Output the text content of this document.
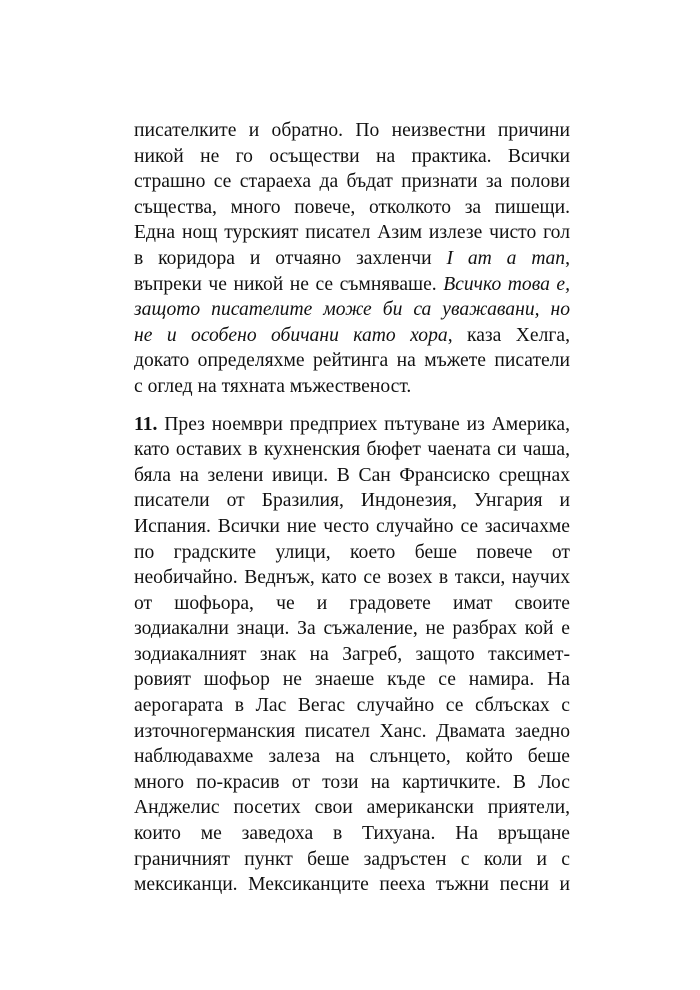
писателките и обратно. По неизвестни причини
никой не го осъществи на практика. Всички
страшно се стараеха да бъдат признати за полови
същества, много повече, отколкото за пишещи.
Една нощ турският писател Азим излезе чисто гол
в коридора и отчаяно захленчи I am a man,
въпреки че никой не се съмняваше. Всичко това е,
защото писателите може би са уважавани, но
не и особено обичани като хора, каза Хелга,
докато определяхме рейтинга на мъжете писатели
с оглед на тяхната мъжественост.
11. През ноември предприех пътуване из Америка,
като оставих в кухненския бюфет чаената си чаша,
бяла на зелени ивици. В Сан Франсиско срещнах
писатели от Бразилия, Индонезия, Унгария и
Испания. Всички ние често случайно се засичахме
по градските улици, което беше повече от
необичайно. Веднъж, като се возех в такси, научих
от шофьора, че и градовете имат своите
зодиакални знаци. За съжаление, не разбрах кой е
зодиакалният знак на Загреб, защото таксимет-
ровият шофьор не знаеше къде се намира. На
аерогарата в Лас Вегас случайно се сблъсках с
източногерманския писател Ханс. Двамата заедно
наблюдавахме залеза на слънцето, който беше
много по-красив от този на картичките. В Лос
Анджелис посетих свои американски приятели,
които ме заведоха в Тихуана. На връщане
граничният пункт беше задръстен с коли и с
мексиканци. Мексиканците пееха тъжни песни и
